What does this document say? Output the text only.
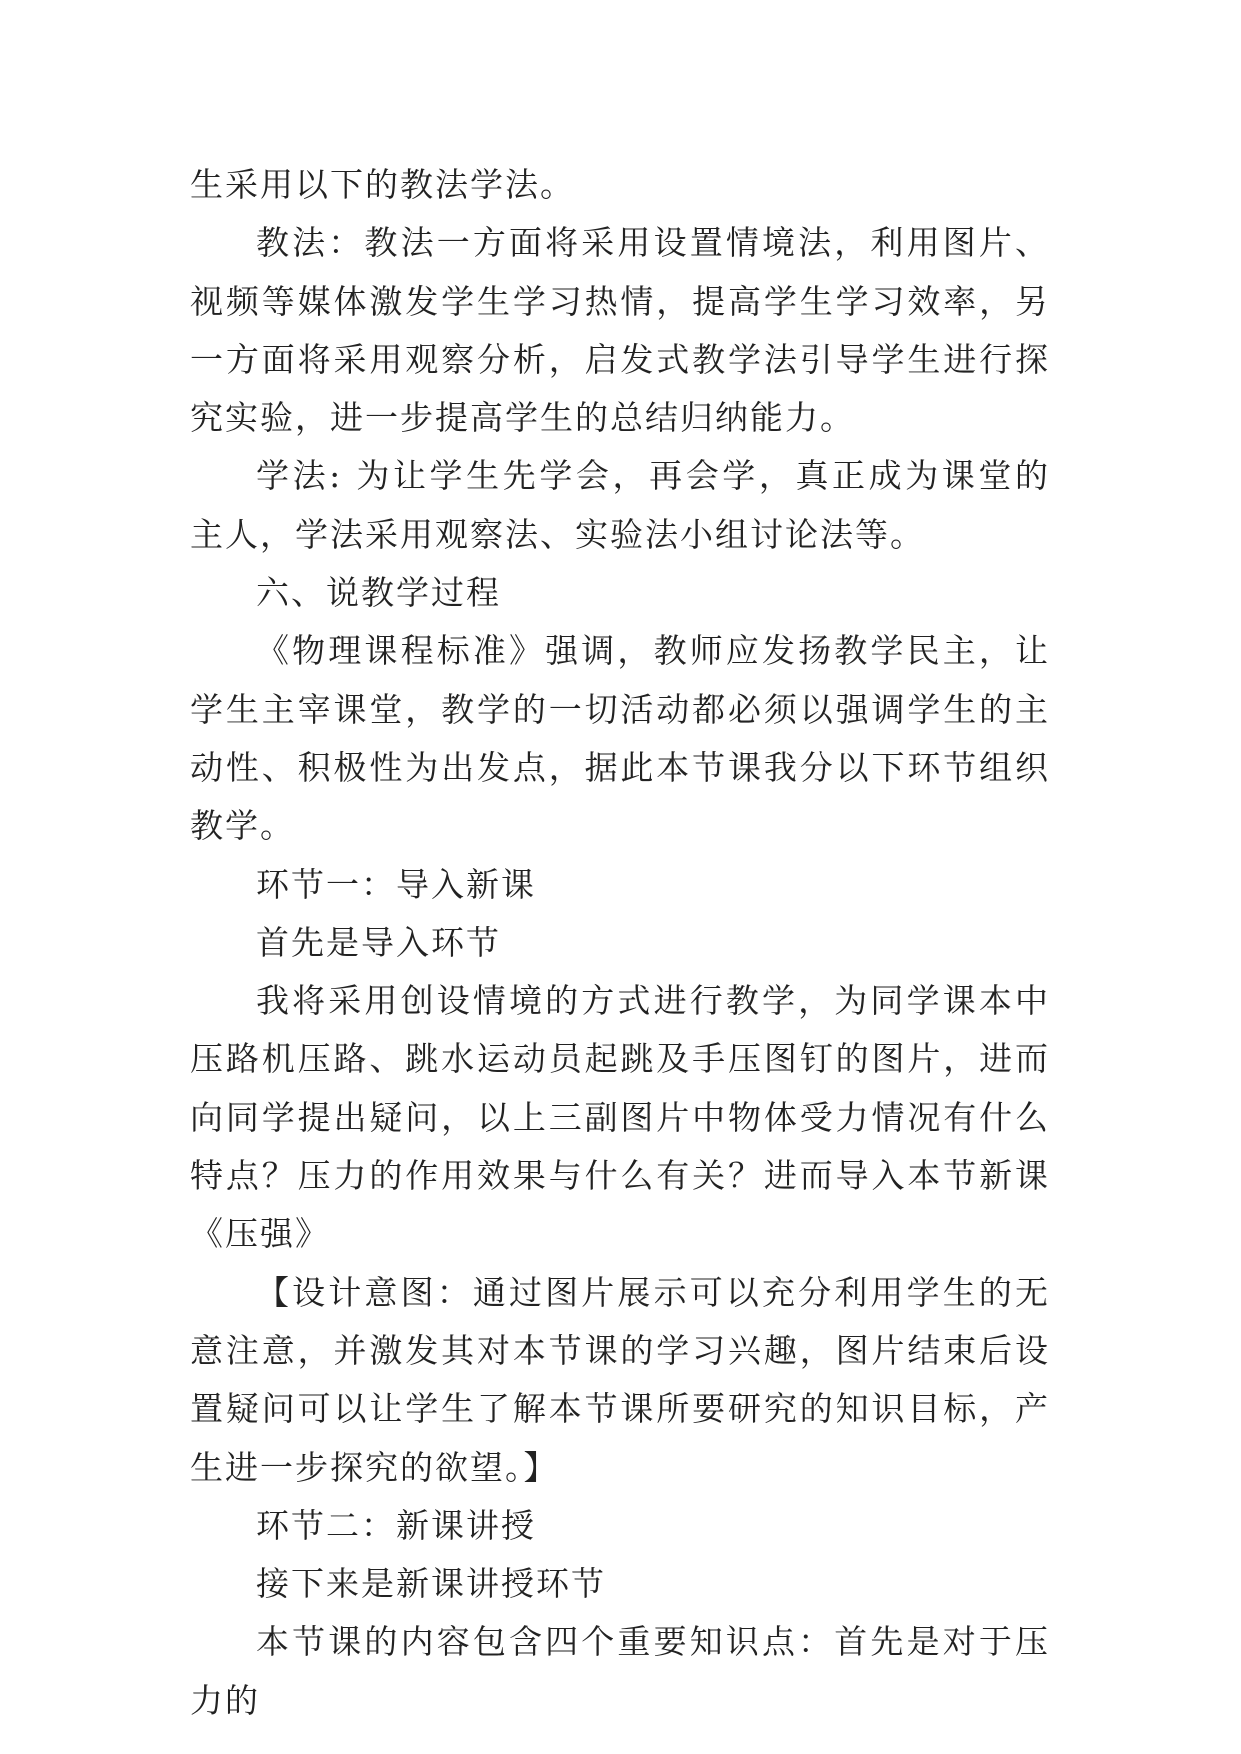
生采用以下的教法学法。

教法：教法一方面将采用设置情境法，利用图片、视频等媒体激发学生学习热情，提高学生学习效率，另一方面将采用观察分析，启发式教学法引导学生进行探究实验，进一步提高学生的总结归纳能力。

学法: 为让学生先学会，再会学，真正成为课堂的主人，学法采用观察法、实验法小组讨论法等。

六、说教学过程

《物理课程标准》强调，教师应发扬教学民主，让学生主宰课堂，教学的一切活动都必须以强调学生的主动性、积极性为出发点，据此本节课我分以下环节组织教学。

环节一：导入新课

首先是导入环节

我将采用创设情境的方式进行教学，为同学课本中压路机压路、跳水运动员起跳及手压图钉的图片，进而向同学提出疑问，以上三副图片中物体受力情况有什么特点？压力的作用效果与什么有关？进而导入本节新课《压强》

【设计意图：通过图片展示可以充分利用学生的无意注意，并激发其对本节课的学习兴趣，图片结束后设置疑问可以让学生了解本节课所要研究的知识目标，产生进一步探究的欲望。】

环节二：新课讲授

接下来是新课讲授环节

本节课的内容包含四个重要知识点：首先是对于压力的
